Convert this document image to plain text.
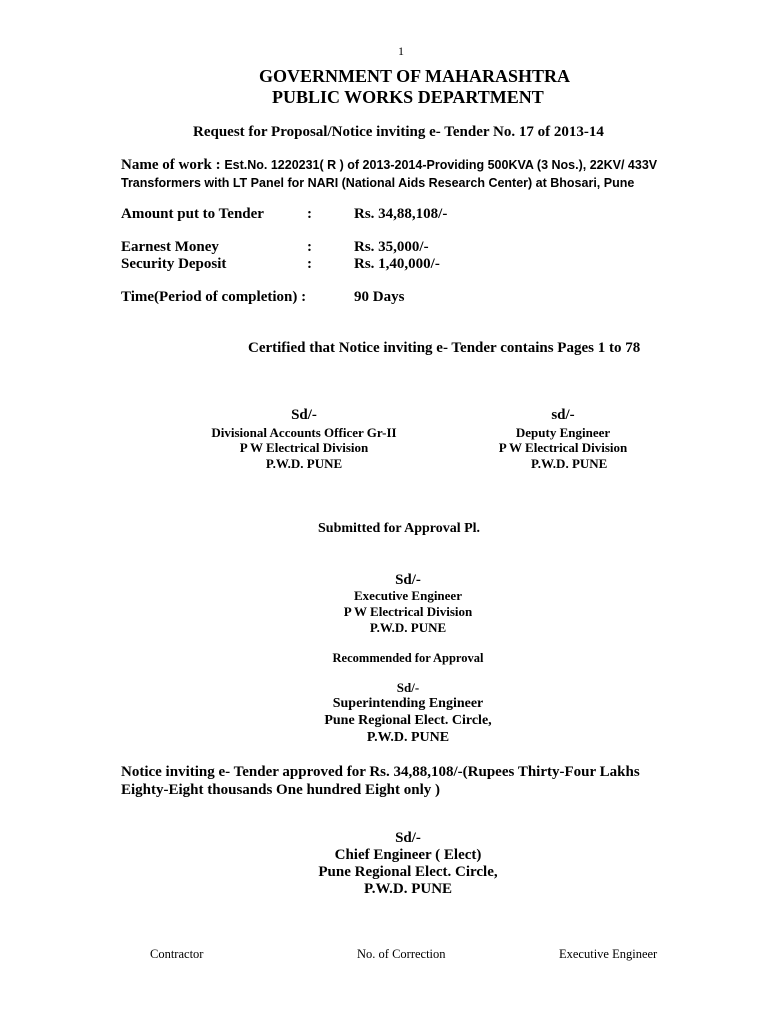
1
GOVERNMENT OF MAHARASHTRA
PUBLIC WORKS DEPARTMENT
Request for Proposal/Notice inviting e- Tender No. 17 of 2013-14
Name of work : Est.No. 1220231( R ) of 2013-2014-Providing 500KVA (3 Nos.), 22KV/ 433V
Transformers with LT Panel for NARI (National Aids Research Center) at Bhosari, Pune
Amount put to Tender	:	Rs. 34,88,108/-
Earnest Money	:	Rs. 35,000/-
Security Deposit	:	Rs. 1,40,000/-
Time(Period of completion) :	90 Days
Certified that Notice inviting e- Tender contains Pages 1 to 78
Sd/-
Divisional Accounts Officer Gr-II
P W Electrical Division
P.W.D. PUNE
sd/-
Deputy Engineer
P W Electrical Division
P.W.D. PUNE
Submitted for Approval Pl.
Sd/-
Executive Engineer
P W Electrical Division
P.W.D. PUNE
Recommended for Approval
Sd/-
Superintending Engineer
Pune Regional Elect. Circle,
P.W.D. PUNE
Notice inviting e- Tender approved for Rs. 34,88,108/-(Rupees Thirty-Four Lakhs
Eighty-Eight thousands One hundred Eight only )
Sd/-
Chief Engineer ( Elect)
Pune Regional Elect. Circle,
P.W.D. PUNE
Contractor	No. of Correction	Executive Engineer
